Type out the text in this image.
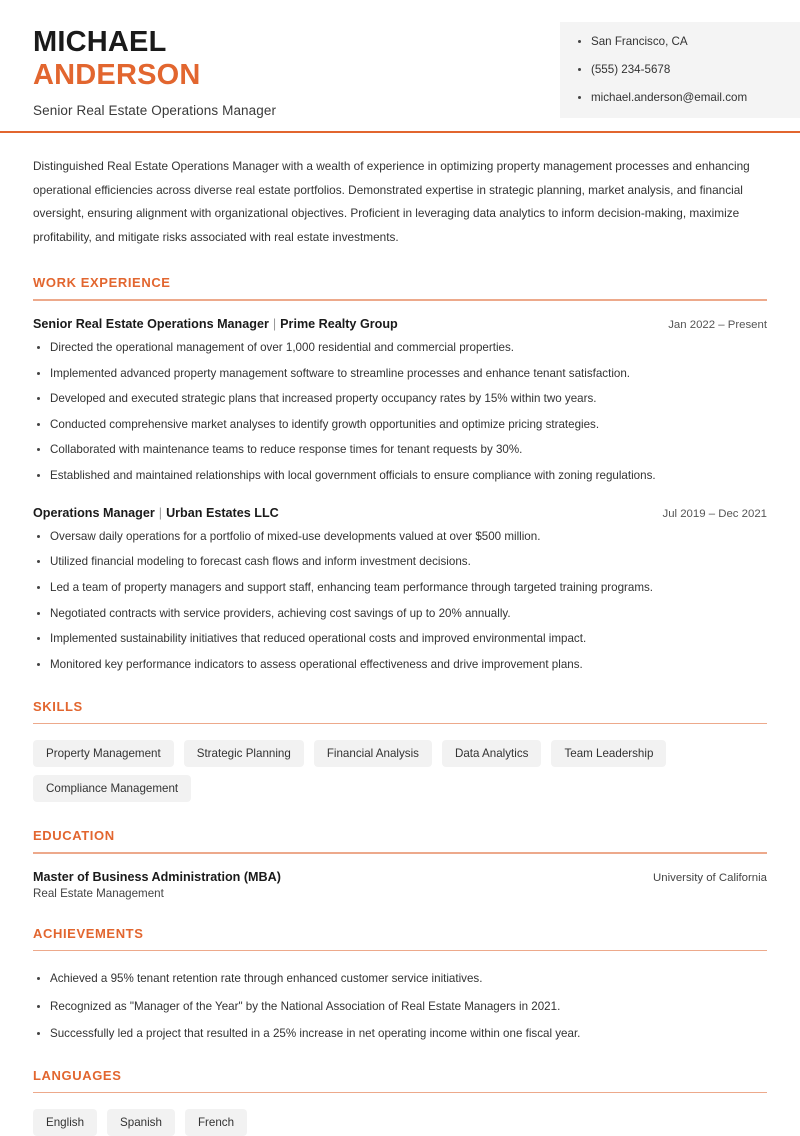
MICHAEL
ANDERSON
Senior Real Estate Operations Manager
San Francisco, CA
(555) 234-5678
michael.anderson@email.com

Distinguished Real Estate Operations Manager with a wealth of experience in optimizing property management processes and enhancing operational efficiencies across diverse real estate portfolios. Demonstrated expertise in strategic planning, market analysis, and financial oversight, ensuring alignment with organizational objectives. Proficient in leveraging data analytics to inform decision-making, maximize profitability, and mitigate risks associated with real estate investments.

WORK EXPERIENCE
Senior Real Estate Operations Manager | Prime Realty Group	Jan 2022 – Present
Directed the operational management of over 1,000 residential and commercial properties.
Implemented advanced property management software to streamline processes and enhance tenant satisfaction.
Developed and executed strategic plans that increased property occupancy rates by 15% within two years.
Conducted comprehensive market analyses to identify growth opportunities and optimize pricing strategies.
Collaborated with maintenance teams to reduce response times for tenant requests by 30%.
Established and maintained relationships with local government officials to ensure compliance with zoning regulations.
Operations Manager | Urban Estates LLC	Jul 2019 – Dec 2021
Oversaw daily operations for a portfolio of mixed-use developments valued at over $500 million.
Utilized financial modeling to forecast cash flows and inform investment decisions.
Led a team of property managers and support staff, enhancing team performance through targeted training programs.
Negotiated contracts with service providers, achieving cost savings of up to 20% annually.
Implemented sustainability initiatives that reduced operational costs and improved environmental impact.
Monitored key performance indicators to assess operational effectiveness and drive improvement plans.
SKILLS
Property Management	Strategic Planning	Financial Analysis	Data Analytics	Team Leadership
Compliance Management
EDUCATION
Master of Business Administration (MBA)	University of California
Real Estate Management
ACHIEVEMENTS
Achieved a 95% tenant retention rate through enhanced customer service initiatives.
Recognized as "Manager of the Year" by the National Association of Real Estate Managers in 2021.
Successfully led a project that resulted in a 25% increase in net operating income within one fiscal year.
LANGUAGES
English	Spanish	French
